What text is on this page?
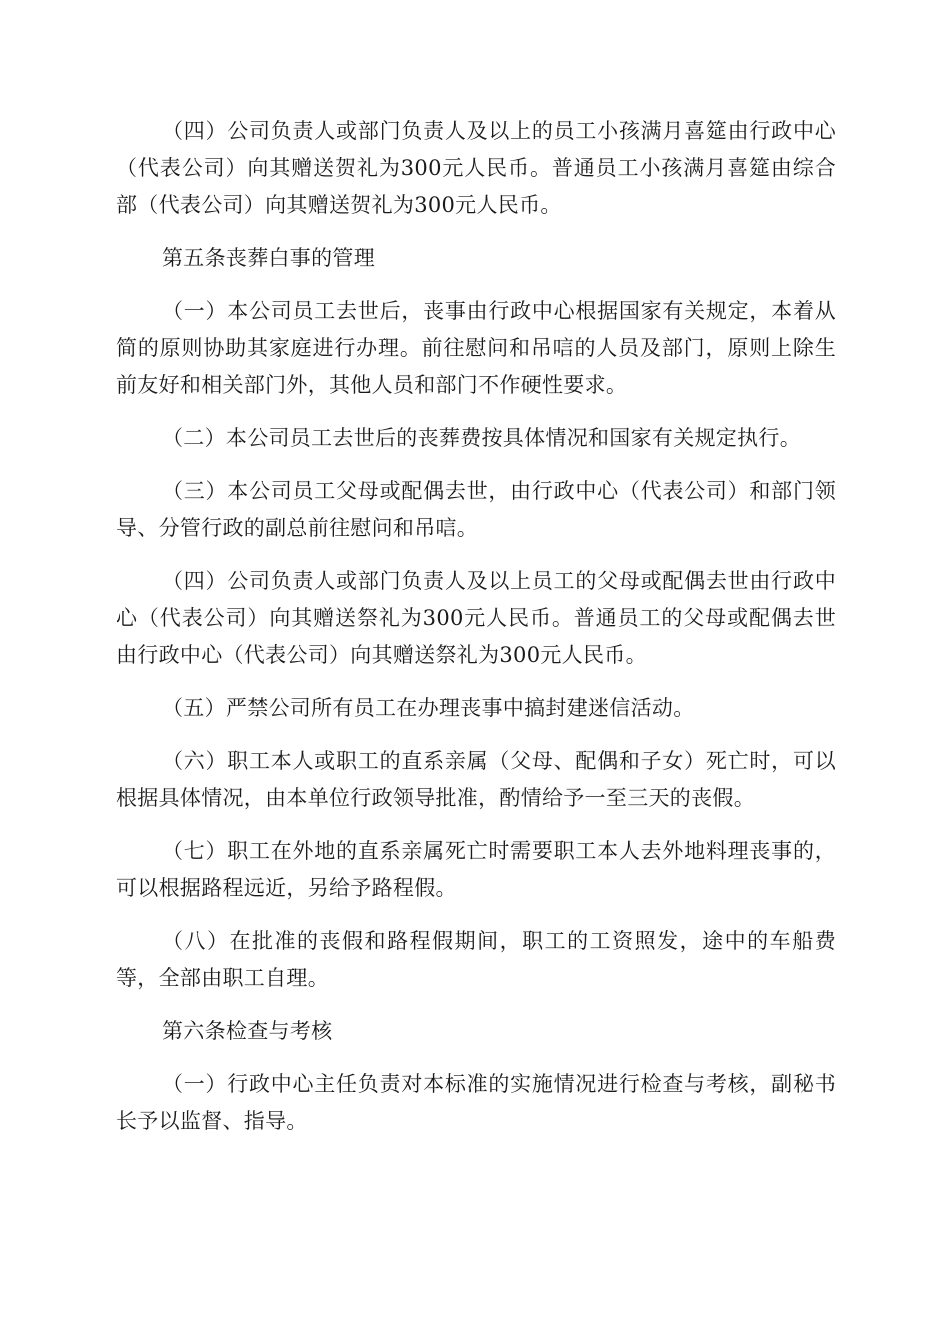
（四）公司负责人或部门负责人及以上的员工小孩满月喜筵由行政中心（代表公司）向其赠送贺礼为300元人民币。普通员工小孩满月喜筵由综合部（代表公司）向其赠送贺礼为300元人民币。

第五条丧葬白事的管理

（一）本公司员工去世后，丧事由行政中心根据国家有关规定，本着从简的原则协助其家庭进行办理。前往慰问和吊唁的人员及部门，原则上除生前友好和相关部门外，其他人员和部门不作硬性要求。

（二）本公司员工去世后的丧葬费按具体情况和国家有关规定执行。

（三）本公司员工父母或配偶去世，由行政中心（代表公司）和部门领导、分管行政的副总前往慰问和吊唁。

（四）公司负责人或部门负责人及以上员工的父母或配偶去世由行政中心（代表公司）向其赠送祭礼为300元人民币。普通员工的父母或配偶去世由行政中心（代表公司）向其赠送祭礼为300元人民币。

（五）严禁公司所有员工在办理丧事中搞封建迷信活动。

（六）职工本人或职工的直系亲属（父母、配偶和子女）死亡时，可以根据具体情况，由本单位行政领导批准，酌情给予一至三天的丧假。

（七）职工在外地的直系亲属死亡时需要职工本人去外地料理丧事的，可以根据路程远近，另给予路程假。

（八）在批准的丧假和路程假期间，职工的工资照发，途中的车船费等，全部由职工自理。

第六条检查与考核

（一）行政中心主任负责对本标准的实施情况进行检查与考核，副秘书长予以监督、指导。
